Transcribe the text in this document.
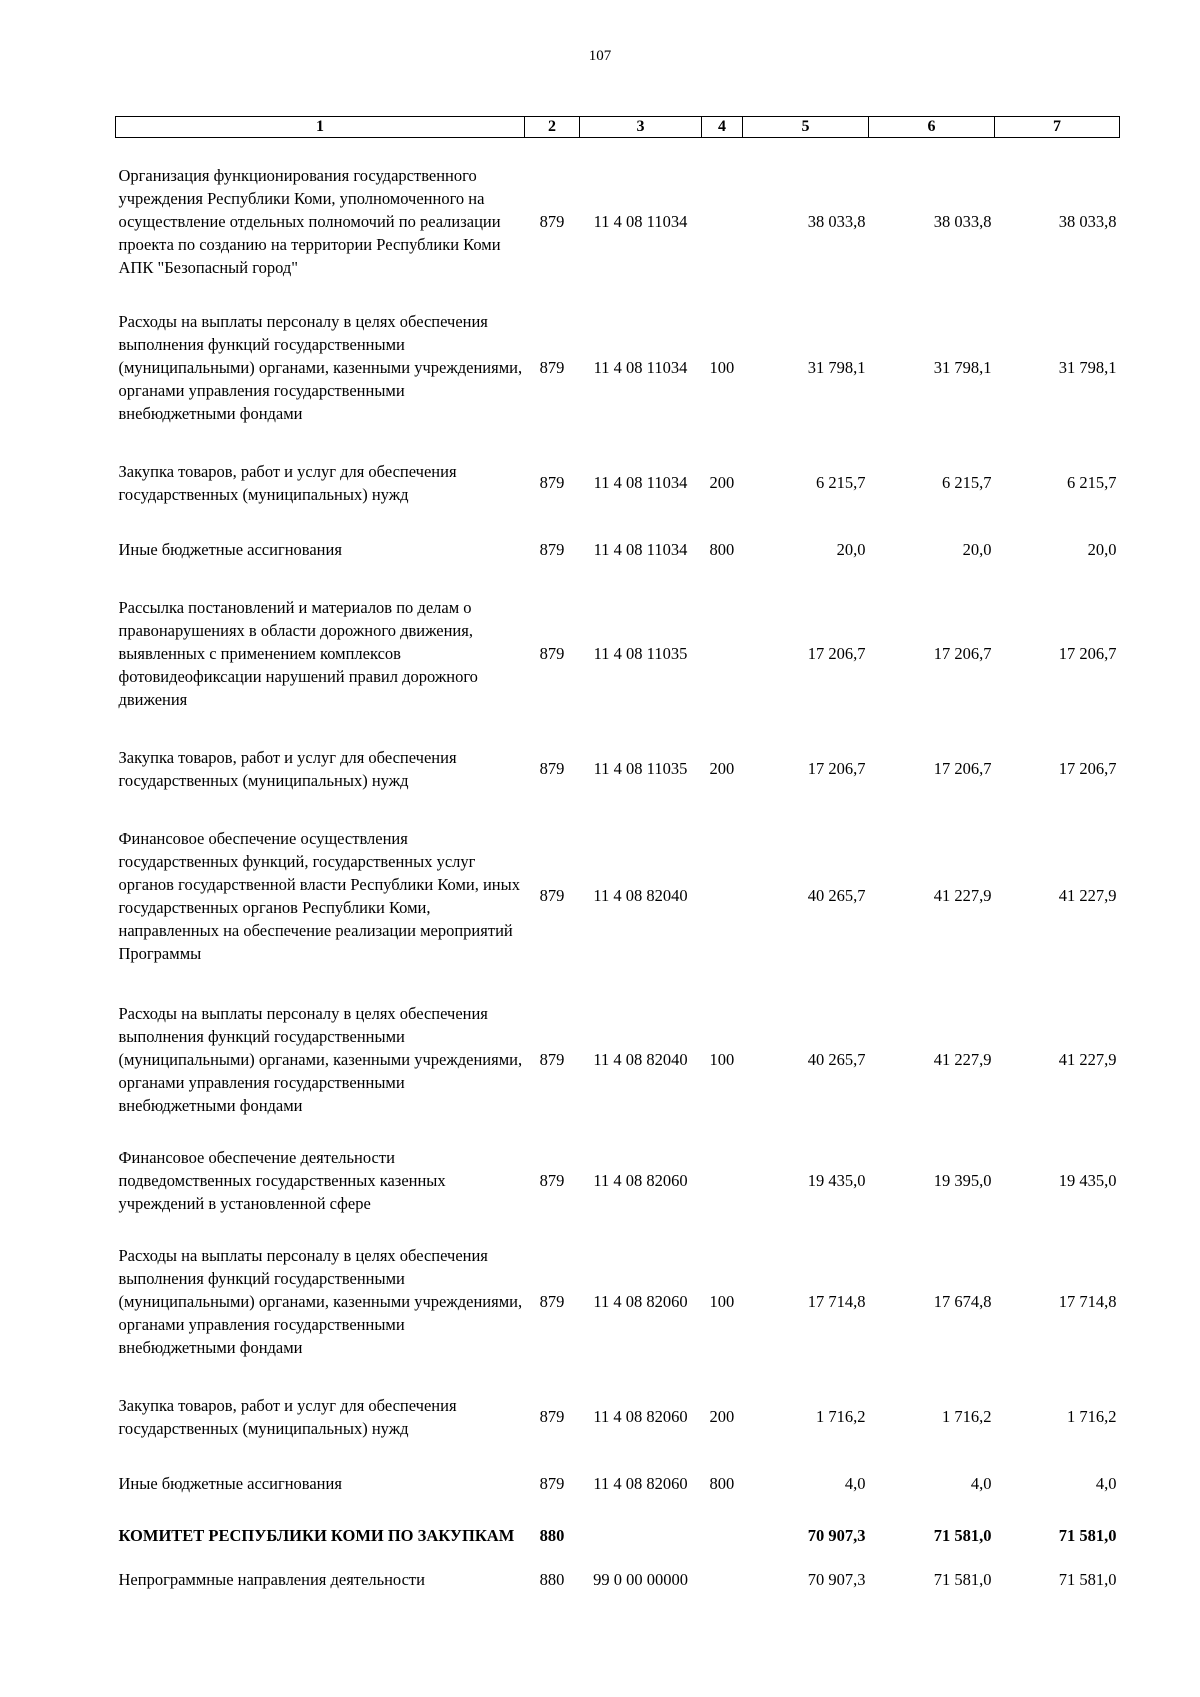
107
1	2	3	4	5	6	7
Организация функционирования государственного учреждения Республики Коми, уполномоченного на осуществление отдельных полномочий по реализации проекта по созданию на территории Республики Коми АПК "Безопасный город"	879	11 4 08 11034		38 033,8	38 033,8	38 033,8
Расходы на выплаты персоналу в целях обеспечения выполнения функций государственными (муниципальными) органами, казенными учреждениями, органами управления государственными внебюджетными фондами	879	11 4 08 11034	100	31 798,1	31 798,1	31 798,1
Закупка товаров, работ и услуг для обеспечения государственных (муниципальных) нужд	879	11 4 08 11034	200	6 215,7	6 215,7	6 215,7
Иные бюджетные ассигнования	879	11 4 08 11034	800	20,0	20,0	20,0
Рассылка постановлений и материалов по делам о правонарушениях в области дорожного движения, выявленных с применением комплексов фотовидеофиксации нарушений правил дорожного движения	879	11 4 08 11035		17 206,7	17 206,7	17 206,7
Закупка товаров, работ и услуг для обеспечения государственных (муниципальных) нужд	879	11 4 08 11035	200	17 206,7	17 206,7	17 206,7
Финансовое обеспечение осуществления государственных функций, государственных услуг органов государственной власти Республики Коми, иных государственных органов Республики Коми, направленных на обеспечение реализации мероприятий Программы	879	11 4 08 82040		40 265,7	41 227,9	41 227,9
Расходы на выплаты персоналу в целях обеспечения выполнения функций государственными (муниципальными) органами, казенными учреждениями, органами управления государственными внебюджетными фондами	879	11 4 08 82040	100	40 265,7	41 227,9	41 227,9
Финансовое обеспечение деятельности подведомственных государственных казенных учреждений в установленной сфере	879	11 4 08 82060		19 435,0	19 395,0	19 435,0
Расходы на выплаты персоналу в целях обеспечения выполнения функций государственными (муниципальными) органами, казенными учреждениями, органами управления государственными внебюджетными фондами	879	11 4 08 82060	100	17 714,8	17 674,8	17 714,8
Закупка товаров, работ и услуг для обеспечения государственных (муниципальных) нужд	879	11 4 08 82060	200	1 716,2	1 716,2	1 716,2
Иные бюджетные ассигнования	879	11 4 08 82060	800	4,0	4,0	4,0
КОМИТЕТ РЕСПУБЛИКИ КОМИ ПО ЗАКУПКАМ	880			70 907,3	71 581,0	71 581,0
Непрограммные направления деятельности	880	99 0 00 00000		70 907,3	71 581,0	71 581,0
